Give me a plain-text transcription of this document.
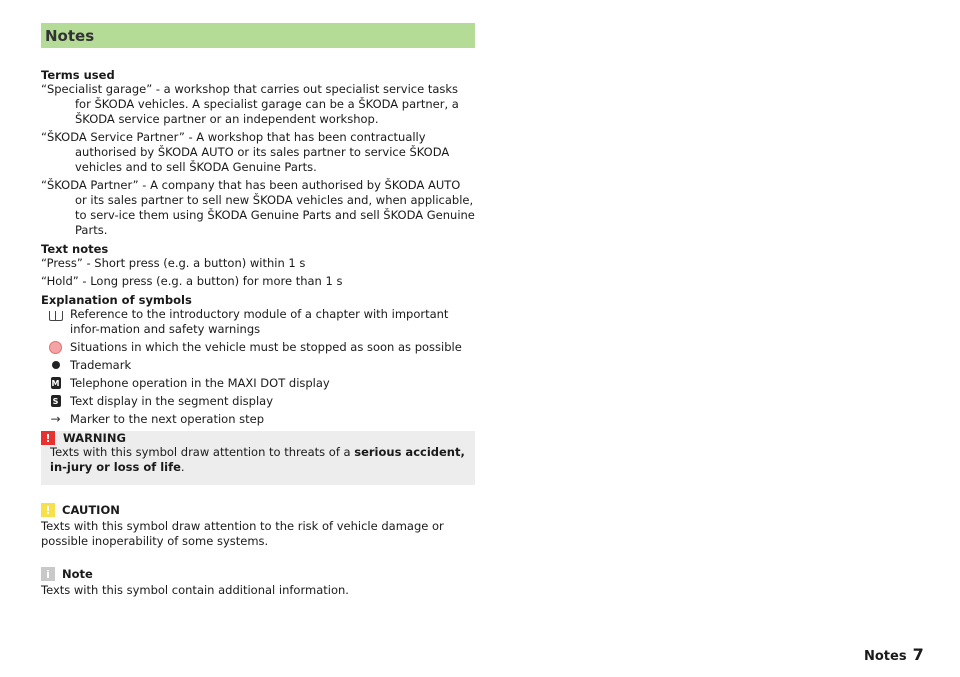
Notes
Terms used

“Specialist garage” - a workshop that carries out specialist service tasks for ŠKODA vehicles. A specialist garage can be a ŠKODA partner, a ŠKODA service partner or an independent workshop.

“ŠKODA Service Partner” - A workshop that has been contractually authorised by ŠKODA AUTO or its sales partner to service ŠKODA vehicles and to sell ŠKODA Genuine Parts.

“ŠKODA Partner” - A company that has been authorised by ŠKODA AUTO or its sales partner to sell new ŠKODA vehicles and, when applicable, to serv-ice them using ŠKODA Genuine Parts and sell ŠKODA Genuine Parts.

Text notes

“Press” - Short press (e.g. a button) within 1 s

“Hold” - Long press (e.g. a button) for more than 1 s

Explanation of symbols
Reference to the introductory module of a chapter with important infor-mation and safety warnings
Situations in which the vehicle must be stopped as soon as possible
Trademark
M Telephone operation in the MAXI DOT display
S Text display in the segment display
→ Marker to the next operation step
!	WARNING
Texts with this symbol draw attention to threats of a serious accident, in-jury or loss of life.
! CAUTION
Texts with this symbol draw attention to the risk of vehicle damage or possible inoperability of some systems.
i	Note
Texts with this symbol contain additional information.
Notes 7
